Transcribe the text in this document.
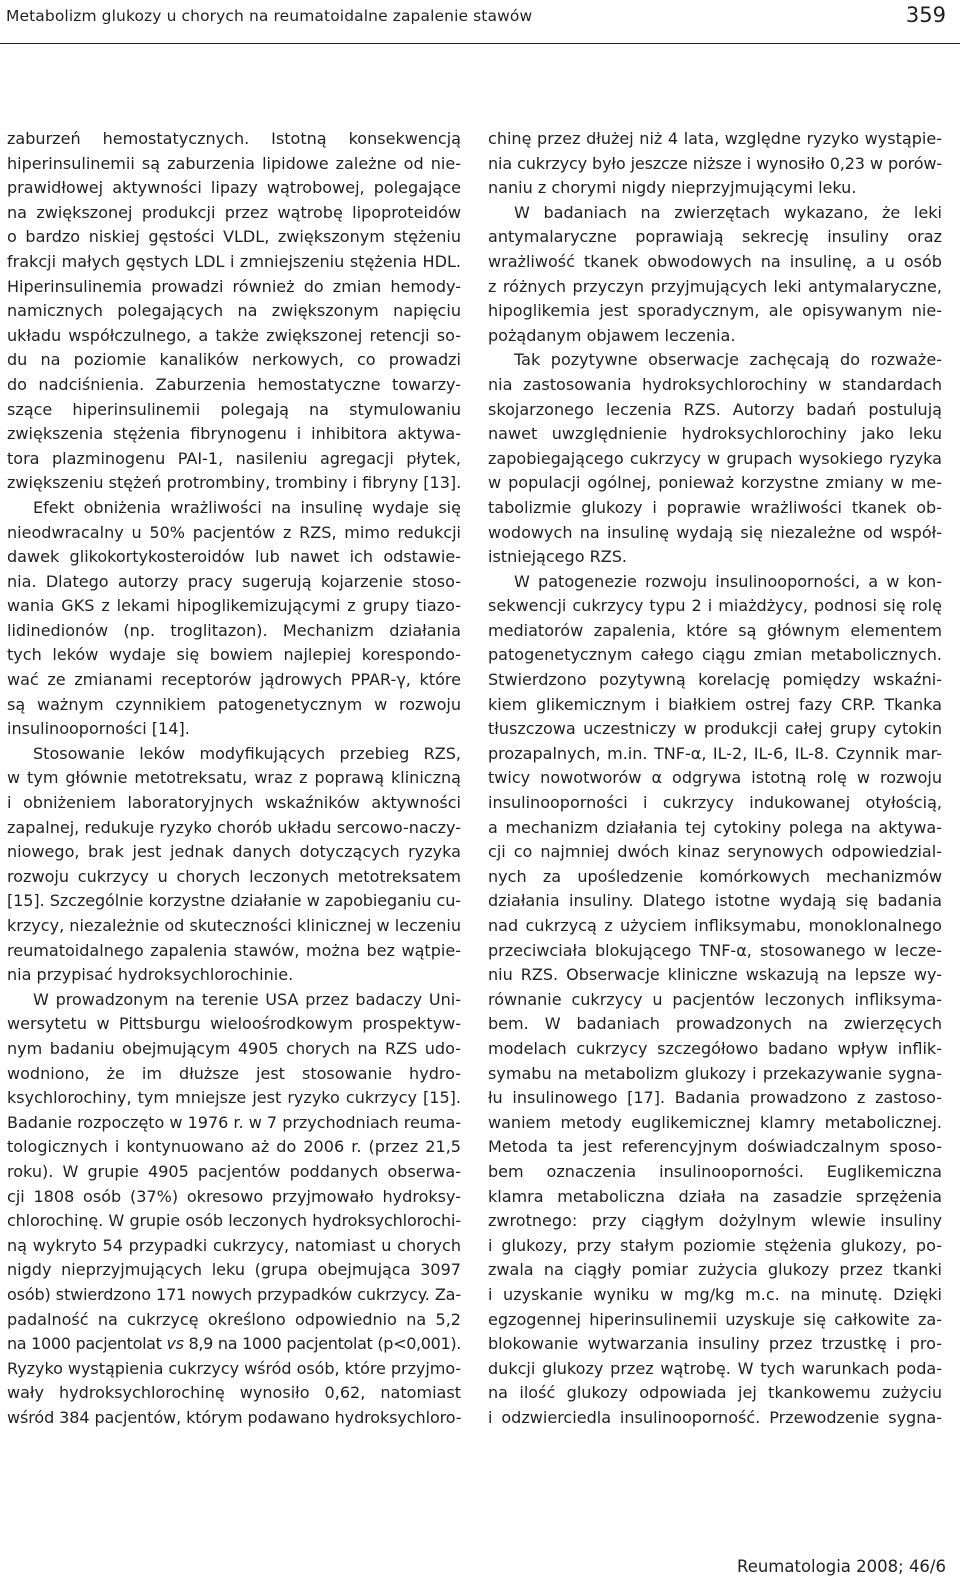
Metabolizm glukozy u chorych na reumatoidalne zapalenie stawów	359
zaburzeń hemostatycznych. Istotną konsekwencją
hiperinsulinemii są zaburzenia lipidowe zależne od nie-
prawidłowej aktywności lipazy wątrobowej, polegające
na zwiększonej produkcji przez wątrobę lipoproteidów
o bardzo niskiej gęstości VLDL, zwiększonym stężeniu
frakcji małych gęstych LDL i zmniejszeniu stężenia HDL.
Hiperinsulinemia prowadzi również do zmian hemody-
namicznych polegających na zwiększonym napięciu
układu współczulnego, a także zwiększonej retencji so-
du na poziomie kanalików nerkowych, co prowadzi
do nadciśnienia. Zaburzenia hemostatyczne towarzy-
szące hiperinsulinemii polegają na stymulowaniu
zwiększenia stężenia fibrynogenu i inhibitora aktywa-
tora plazminogenu PAI-1, nasileniu agregacji płytek,
zwiększeniu stężeń protrombiny, trombiny i fibryny [13].
Efekt obniżenia wrażliwości na insulinę wydaje się
nieodwracalny u 50% pacjentów z RZS, mimo redukcji
dawek glikokortykosteroidów lub nawet ich odstawie-
nia. Dlatego autorzy pracy sugerują kojarzenie stoso-
wania GKS z lekami hipoglikemizującymi z grupy tiazo-
lidinedionów (np. troglitazon). Mechanizm działania
tych leków wydaje się bowiem najlepiej korespondo-
wać ze zmianami receptorów jądrowych PPAR-γ, które
są ważnym czynnikiem patogenetycznym w rozwoju
insulinooporności [14].
Stosowanie leków modyfikujących przebieg RZS,
w tym głównie metotreksatu, wraz z poprawą kliniczną
i obniżeniem laboratoryjnych wskaźników aktywności
zapalnej, redukuje ryzyko chorób układu sercowo-naczy-
niowego, brak jest jednak danych dotyczących ryzyka
rozwoju cukrzycy u chorych leczonych metotreksatem
[15]. Szczególnie korzystne działanie w zapobieganiu cu-
krzycy, niezależnie od skuteczności klinicznej w leczeniu
reumatoidalnego zapalenia stawów, można bez wątpie-
nia przypisać hydroksychlorochinie.
W prowadzonym na terenie USA przez badaczy Uni-
wersytetu w Pittsburgu wieloośrodkowym prospektyw-
nym badaniu obejmującym 4905 chorych na RZS udo-
wodniono, że im dłuższe jest stosowanie hydro-
ksychlorochiny, tym mniejsze jest ryzyko cukrzycy [15].
Badanie rozpoczęto w 1976 r. w 7 przychodniach reuma-
tologicznych i kontynuowano aż do 2006 r. (przez 21,5
roku). W grupie 4905 pacjentów poddanych obserwa-
cji 1808 osób (37%) okresowo przyjmowało hydroksy-
chlorochinę. W grupie osób leczonych hydroksychlorochi-
ną wykryto 54 przypadki cukrzycy, natomiast u chorych
nigdy nieprzyjmujących leku (grupa obejmująca 3097
osób) stwierdzono 171 nowych przypadków cukrzycy. Za-
padalność na cukrzycę określono odpowiednio na 5,2
na 1000 pacjentolat vs 8,9 na 1000 pacjentolat (p<0,001).
Ryzyko wystąpienia cukrzycy wśród osób, które przyjmo-
wały hydroksychlorochinę wynosiło 0,62, natomiast
wśród 384 pacjentów, którym podawano hydroksychloro-
chinę przez dłużej niż 4 lata, względne ryzyko wystąpie-
nia cukrzycy było jeszcze niższe i wynosiło 0,23 w porów-
naniu z chorymi nigdy nieprzyjmującymi leku.
W badaniach na zwierzętach wykazano, że leki
antymalaryczne poprawiają sekrecję insuliny oraz
wrażliwość tkanek obwodowych na insulinę, a u osób
z różnych przyczyn przyjmujących leki antymalaryczne,
hipoglikemia jest sporadycznym, ale opisywanym nie-
pożądanym objawem leczenia.
Tak pozytywne obserwacje zachęcają do rozważe-
nia zastosowania hydroksychlorochiny w standardach
skojarzonego leczenia RZS. Autorzy badań postulują
nawet uwzględnienie hydroksychlorochiny jako leku
zapobiegającego cukrzycy w grupach wysokiego ryzyka
w populacji ogólnej, ponieważ korzystne zmiany w me-
tabolizmie glukozy i poprawie wrażliwości tkanek ob-
wodowych na insulinę wydają się niezależne od współ-
istniejącego RZS.
W patogenezie rozwoju insulinooporności, a w kon-
sekwencji cukrzycy typu 2 i miażdżycy, podnosi się rolę
mediatorów zapalenia, które są głównym elementem
patogenetycznym całego ciągu zmian metabolicznych.
Stwierdzono pozytywną korelację pomiędzy wskaźni-
kiem glikemicznym i białkiem ostrej fazy CRP. Tkanka
tłuszczowa uczestniczy w produkcji całej grupy cytokin
prozapalnych, m.in. TNF-α, IL-2, IL-6, IL-8. Czynnik mar-
twicy nowotworów α odgrywa istotną rolę w rozwoju
insulinooporności i cukrzycy indukowanej otyłością,
a mechanizm działania tej cytokiny polega na aktywa-
cji co najmniej dwóch kinaz serynowych odpowiedzial-
nych za upośledzenie komórkowych mechanizmów
działania insuliny. Dlatego istotne wydają się badania
nad cukrzycą z użyciem infliksymabu, monoklonalnego
przeciwciała blokującego TNF-α, stosowanego w lecze-
niu RZS. Obserwacje kliniczne wskazują na lepsze wy-
równanie cukrzycy u pacjentów leczonych infliksyma-
bem. W badaniach prowadzonych na zwierzęcych
modelach cukrzycy szczegółowo badano wpływ inflik-
symabu na metabolizm glukozy i przekazywanie sygna-
łu insulinowego [17]. Badania prowadzono z zastoso-
waniem metody euglikemicznej klamry metabolicznej.
Metoda ta jest referencyjnym doświadczalnym sposo-
bem oznaczenia insulinooporności. Euglikemiczna
klamra metaboliczna działa na zasadzie sprzężenia
zwrotnego: przy ciągłym dożylnym wlewie insuliny
i glukozy, przy stałym poziomie stężenia glukozy, po-
zwala na ciągły pomiar zużycia glukozy przez tkanki
i uzyskanie wyniku w mg/kg m.c. na minutę. Dzięki
egzogennej hiperinsulinemii uzyskuje się całkowite za-
blokowanie wytwarzania insuliny przez trzustkę i pro-
dukcji glukozy przez wątrobę. W tych warunkach poda-
na ilość glukozy odpowiada jej tkankowemu zużyciu
i odzwierciedla insulinooporność. Przewodzenie sygna-
Reumatologia 2008; 46/6
